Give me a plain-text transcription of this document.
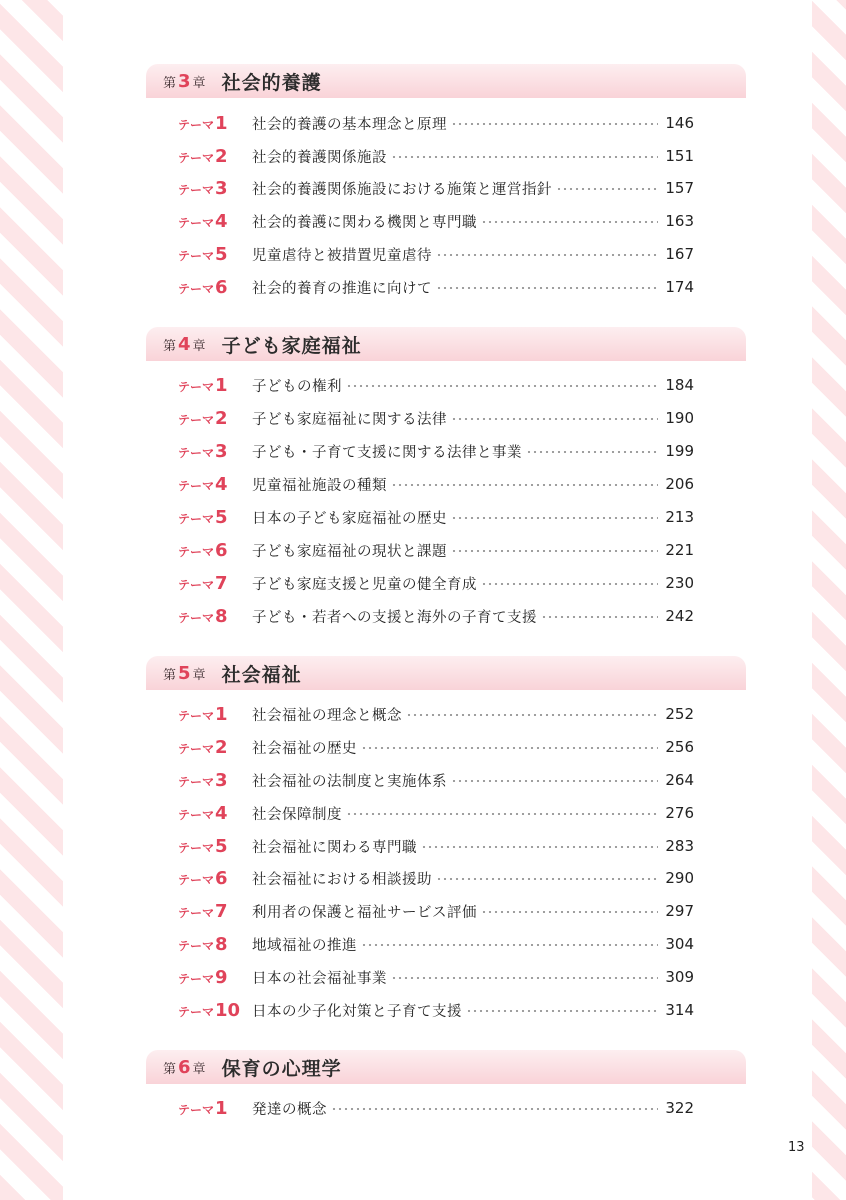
第 3 章 社会的養護
テーマ 1 社会的養護の基本理念と原理	146
テーマ 2 社会的養護関係施設	151
テーマ 3 社会的養護関係施設における施策と運営指針	157
テーマ 4 社会的養護に関わる機関と専門職	163
テーマ 5 児童虐待と被措置児童虐待	167
テーマ 6 社会的養育の推進に向けて	174
第 4 章 子ども家庭福祉
テーマ 1 子どもの権利	184
テーマ 2 子ども家庭福祉に関する法律	190
テーマ 3 子ども・子育て支援に関する法律と事業	199
テーマ 4 児童福祉施設の種類	206
テーマ 5 日本の子ども家庭福祉の歴史	213
テーマ 6 子ども家庭福祉の現状と課題	221
テーマ 7 子ども家庭支援と児童の健全育成	230
テーマ 8 子ども・若者への支援と海外の子育て支援	242
第 5 章 社会福祉
テーマ 1 社会福祉の理念と概念	252
テーマ 2 社会福祉の歴史	256
テーマ 3 社会福祉の法制度と実施体系	264
テーマ 4 社会保障制度	276
テーマ 5 社会福祉に関わる専門職	283
テーマ 6 社会福祉における相談援助	290
テーマ 7 利用者の保護と福祉サービス評価	297
テーマ 8 地域福祉の推進	304
テーマ 9 日本の社会福祉事業	309
テーマ 10 日本の少子化対策と子育て支援	314
第 6 章 保育の心理学
テーマ 1 発達の概念	322
13
